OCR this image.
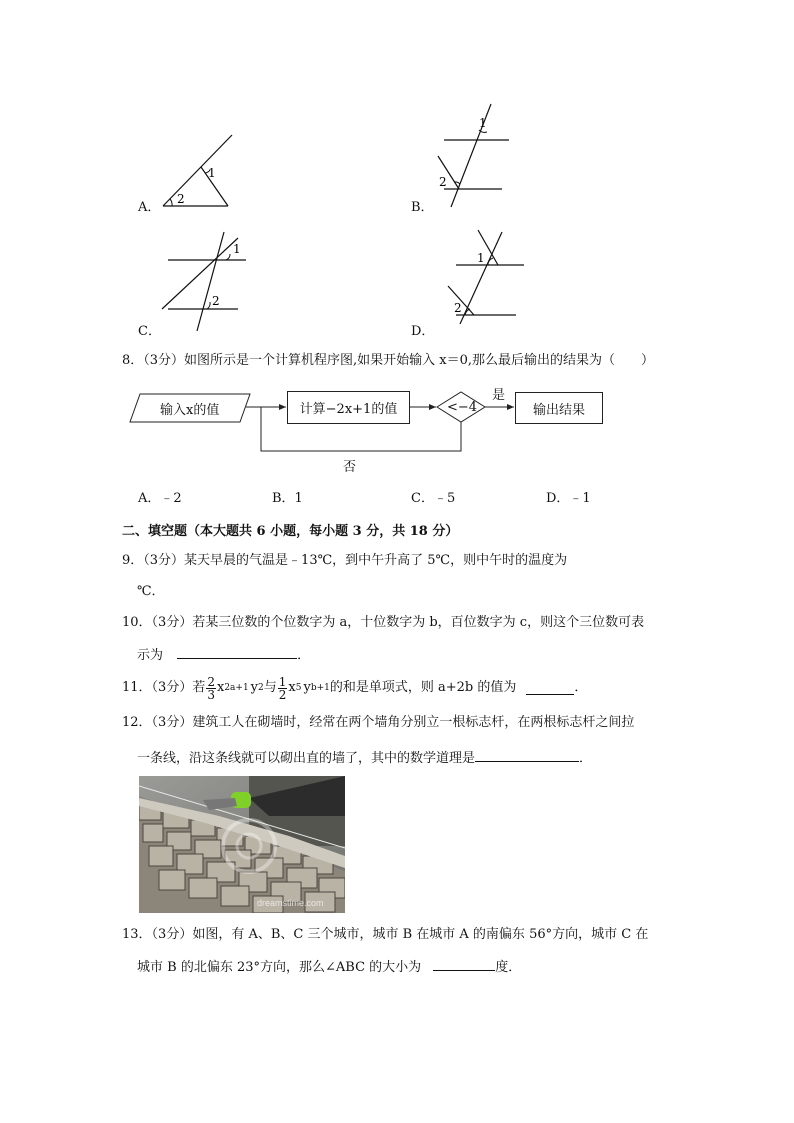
1
2
A．
1
2
B．
1
2
C．
1
2
D．
8．（3分）如图所示是一个计算机程序图,如果开始输入 x＝0,那么最后输出的结果为（　　）
输入x的值	计算−2x+1的值	<−4
是
输出结果
否
A．﹣2	B．1	C．﹣5	D．﹣1
二、填空题（本大题共 6 小题，每小题 3 分，共 18 分）
9．（3分）某天早晨的气温是﹣13℃，到中午升高了 5℃，则中午时的温度为
℃．
10．（3分）若某三位数的个位数字为 a，十位数字为 b，百位数字为 c，则这个三位数可表
示为	．
11．（3分）若 $\frac{2}{3}$ x 2a+1 y 2 与 $\frac{1}{2}$ x 5 y b+1 的和是单项式，则 a+2b 的值为	．
12．（3分）建筑工人在砌墙时，经常在两个墙角分别立一根标志杆，在两根标志杆之间拉
一条线，沿这条线就可以砌出直的墙了，其中的数学道理是	．
dreamstime.com
13．（3分）如图，有 A、B、C 三个城市，城市 B 在城市 A 的南偏东 56°方向，城市 C 在
城市 B 的北偏东 23°方向，那么∠ABC 的大小为	度．
